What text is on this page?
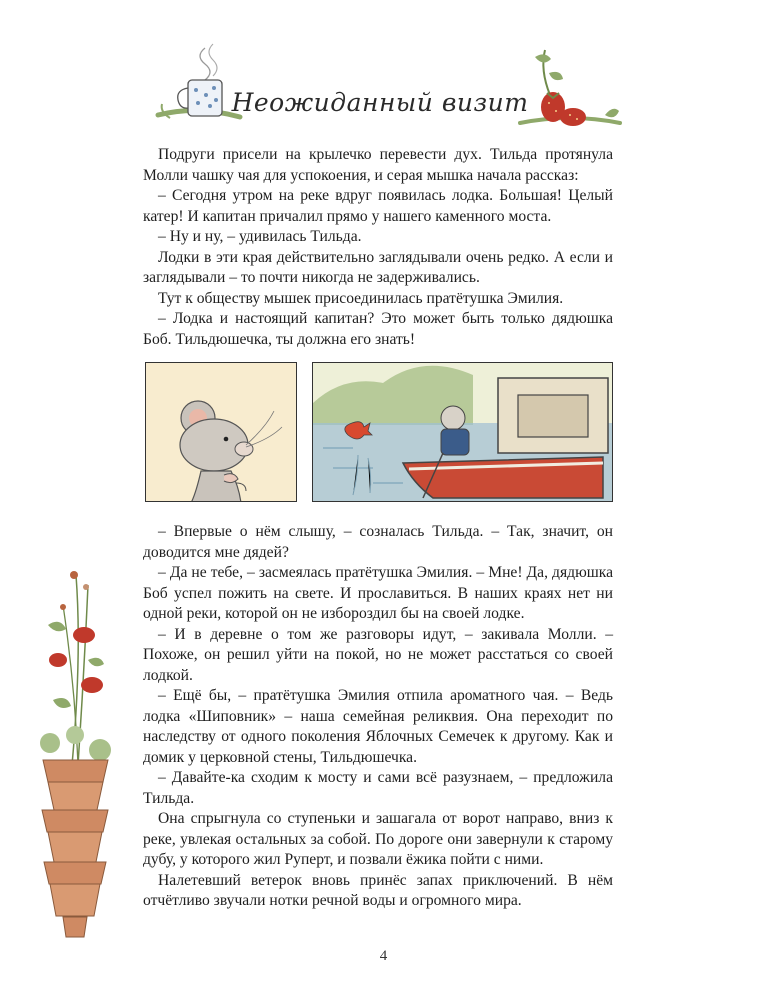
Неожиданный визит

Подруги присели на крылечко перевести дух. Тильда протянула Молли чашку чая для успокоения, и серая мышка начала рассказ:

– Сегодня утром на реке вдруг появилась лодка. Большая! Целый катер! И капитан причалил прямо у нашего каменного моста.

– Ну и ну, – удивилась Тильда.

Лодки в эти края действительно заглядывали очень редко. А если и заглядывали – то почти никогда не задерживались.

Тут к обществу мышек присоединилась пратётушка Эмилия.

– Лодка и настоящий капитан? Это может быть только дядюшка Боб. Тильдюшечка, ты должна его знать!

– Впервые о нём слышу, – созналась Тильда. – Так, значит, он доводится мне дядей?

– Да не тебе, – засмеялась пратётушка Эмилия. – Мне! Да, дядюшка Боб успел пожить на свете. И прославиться. В наших краях нет ни одной реки, которой он не избороздил бы на своей лодке.

– И в деревне о том же разговоры идут, – закивала Молли. – Похоже, он решил уйти на покой, но не может расстаться со своей лодкой.

– Ещё бы, – пратётушка Эмилия отпила ароматного чая. – Ведь лодка «Шиповник» – наша семейная реликвия. Она переходит по наследству от одного поколения Яблочных Семечек к другому. Как и домик у церковной стены, Тильдюшечка.

– Давайте-ка сходим к мосту и сами всё разузнаем, – предложила Тильда.

Она спрыгнула со ступеньки и зашагала от ворот направо, вниз к реке, увлекая остальных за собой. По дороге они завернули к старому дубу, у которого жил Руперт, и позвали ёжика пойти с ними.

Налетевший ветерок вновь принёс запах приключений. В нём отчётливо звучали нотки речной воды и огромного мира.

4
